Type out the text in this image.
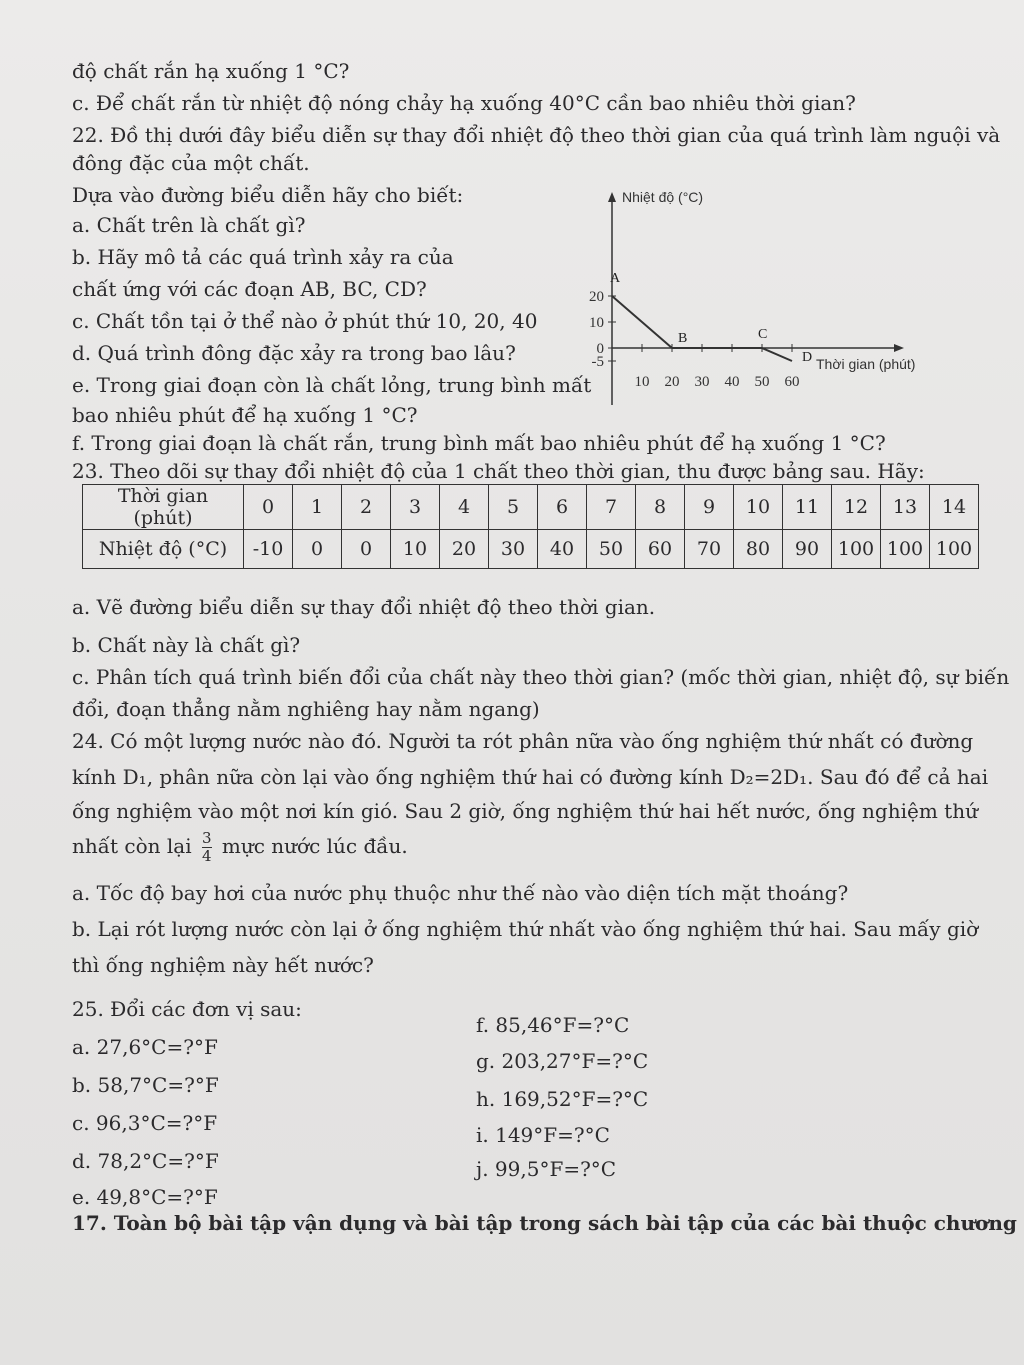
độ chất rắn hạ xuống 1 °C?
c. Để chất rắn từ nhiệt độ nóng chảy hạ xuống 40°C cần bao nhiêu thời gian?
22. Đồ thị dưới đây biểu diễn sự thay đổi nhiệt độ theo thời gian của quá trình làm nguội và
đông đặc của một chất.
Dựa vào đường biểu diễn hãy cho biết:
a. Chất trên là chất gì?
b. Hãy mô tả các quá trình xảy ra của
chất ứng với các đoạn AB, BC, CD?
c. Chất tồn tại ở thể nào ở phút thứ 10, 20, 40
d. Quá trình đông đặc xảy ra trong bao lâu?
e. Trong giai đoạn còn là chất lỏng, trung bình mất
bao nhiêu phút để hạ xuống 1 °C?
f. Trong giai đoạn là chất rắn, trung bình mất bao nhiêu phút để hạ xuống 1 °C?
23. Theo dõi sự thay đổi nhiệt độ của 1 chất theo thời gian, thu được bảng sau. Hãy:
Nhiệt độ (°C)
Thời gian (phút)
10 20 30 40 50 60
20
10
0
-5
A
B	C
D
Thời gian
(phút)	0	1	2	3	4	5	6	7	8	9	10	11	12	13	14
Nhiệt độ (°C)	-10	0	0	10	20	30	40	50	60	70	80	90	100	100	100
a. Vẽ đường biểu diễn sự thay đổi nhiệt độ theo thời gian.
b. Chất này là chất gì?
c. Phân tích quá trình biến đổi của chất này theo thời gian? (mốc thời gian, nhiệt độ, sự biến
đổi, đoạn thẳng nằm nghiêng hay nằm ngang)
24. Có một lượng nước nào đó. Người ta rót phân nữa vào ống nghiệm thứ nhất có đường
kính D₁, phân nữa còn lại vào ống nghiệm thứ hai có đường kính D₂=2D₁. Sau đó để cả hai
ống nghiệm vào một nơi kín gió. Sau 2 giờ, ống nghiệm thứ hai hết nước, ống nghiệm thứ
nhất còn lại $\frac{3}{4}$ mực nước lúc đầu.
a. Tốc độ bay hơi của nước phụ thuộc như thế nào vào diện tích mặt thoáng?
b. Lại rót lượng nước còn lại ở ống nghiệm thứ nhất vào ống nghiệm thứ hai. Sau mấy giờ
thì ống nghiệm này hết nước?
25. Đổi các đơn vị sau:
a. 27,6°C=?°F
b. 58,7°C=?°F
c. 96,3°C=?°F
d. 78,2°C=?°F
e. 49,8°C=?°F
f. 85,46°F=?°C
g. 203,27°F=?°C
h. 169,52°F=?°C
i. 149°F=?°C
j. 99,5°F=?°C
17. Toàn bộ bài tập vận dụng và bài tập trong sách bài tập của các bài thuộc chương
